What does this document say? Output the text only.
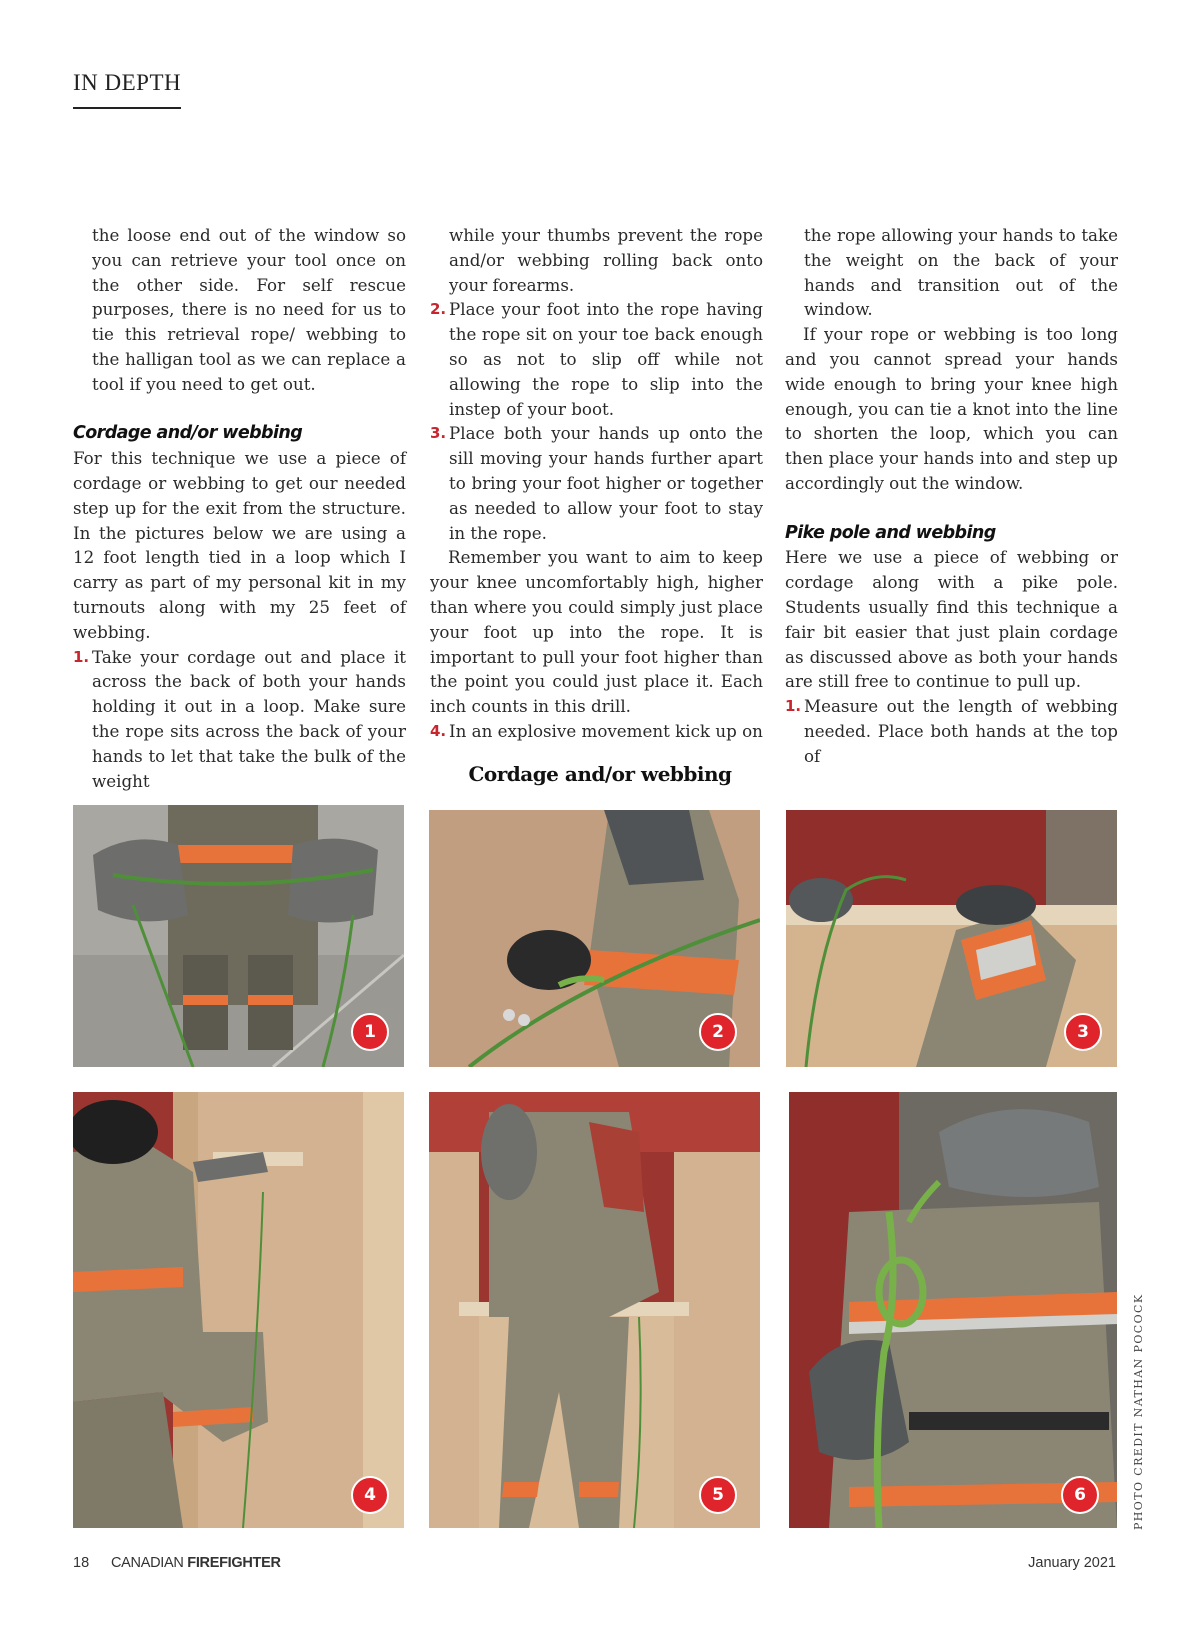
IN DEPTH

the loose end out of the window so you can retrieve your tool once on the other side. For self rescue purposes, there is no need for us to tie this retrieval rope/ webbing to the halligan tool as we can replace a tool if you need to get out.

Cordage and/or webbing

For this technique we use a piece of cordage or webbing to get our needed step up for the exit from the structure. In the pictures below we are using a 12 foot length tied in a loop which I carry as part of my personal kit in my turnouts along with my 25 feet of webbing.

1. Take your cordage out and place it across the back of both your hands holding it out in a loop. Make sure the rope sits across the back of your hands to let that take the bulk of the weight

while your thumbs prevent the rope and/or webbing rolling back onto your forearms.

2. Place your foot into the rope having the rope sit on your toe back enough so as not to slip off while not allowing the rope to slip into the instep of your boot.

3. Place both your hands up onto the sill moving your hands further apart to bring your foot higher or together as needed to allow your foot to stay in the rope.

Remember you want to aim to keep your knee uncomfortably high, higher than where you could simply just place your foot up into the rope. It is important to pull your foot higher than the point you could just place it. Each inch counts in this drill.

4. In an explosive movement kick up on

the rope allowing your hands to take the weight on the back of your hands and transition out of the window.

If your rope or webbing is too long and you cannot spread your hands wide enough to bring your knee high enough, you can tie a knot into the line to shorten the loop, which you can then place your hands into and step up accordingly out the window.

Pike pole and webbing

Here we use a piece of webbing or cordage along with a pike pole. Students usually find this technique a fair bit easier that just plain cordage as discussed above as both your hands are still free to continue to pull up.

1. Measure out the length of webbing needed. Place both hands at the top of

Cordage and/or webbing
1	2	3
4	5	6	PHOTO CREDIT NATHAN POCOCK
18 CANADIAN FIREFIGHTER	January 2021
